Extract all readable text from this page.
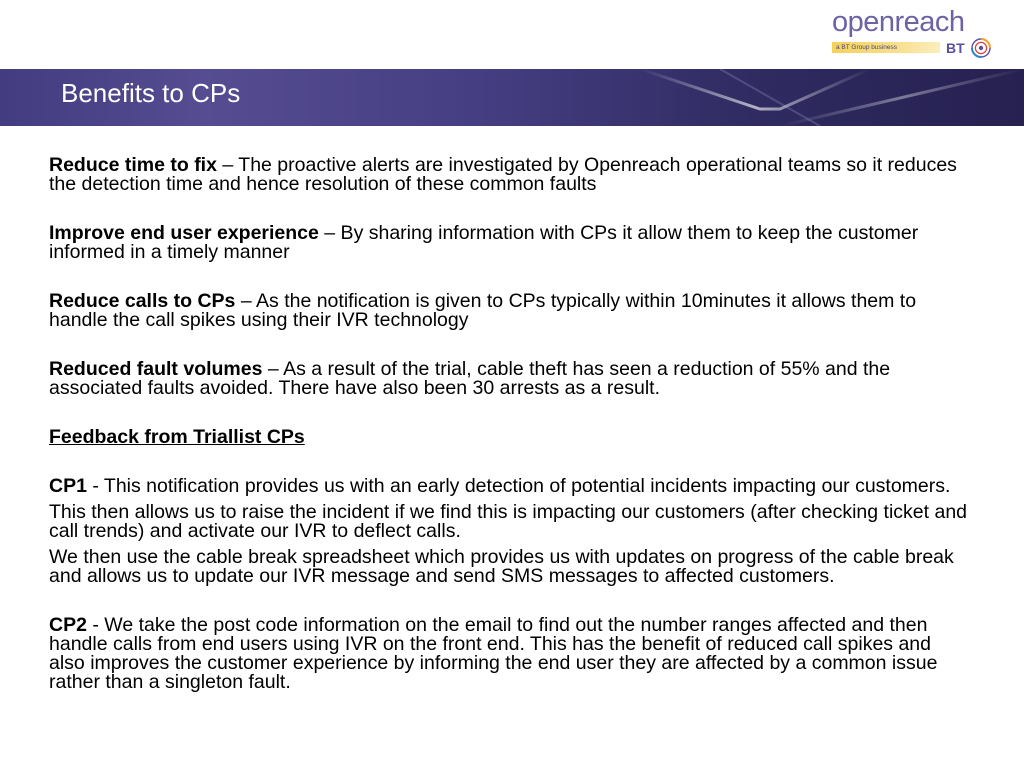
openreach
a BT Group business	BT
Benefits to CPs

Reduce time to fix – The proactive alerts are investigated by Openreach operational teams so it reduces the detection time and hence resolution of these common faults

Improve end user experience – By sharing information with CPs it allow them to keep the customer informed in a timely manner

Reduce calls to CPs – As the notification is given to CPs typically within 10minutes it allows them to handle the call spikes using their IVR technology

Reduced fault volumes – As a result of the trial, cable theft has seen a reduction of 55% and the associated faults avoided. There have also been 30 arrests as a result.

Feedback from Triallist CPs

CP1 - This notification provides us with an early detection of potential incidents impacting our customers.

This then allows us to raise the incident if we find this is impacting our customers (after checking ticket and call trends) and activate our IVR to deflect calls.

We then use the cable break spreadsheet which provides us with updates on progress of the cable break and allows us to update our IVR message and send SMS messages to affected customers.

CP2 - We take the post code information on the email to find out the number ranges affected and then handle calls from end users using IVR on the front end. This has the benefit of reduced call spikes and also improves the customer experience by informing the end user they are affected by a common issue rather than a singleton fault.
